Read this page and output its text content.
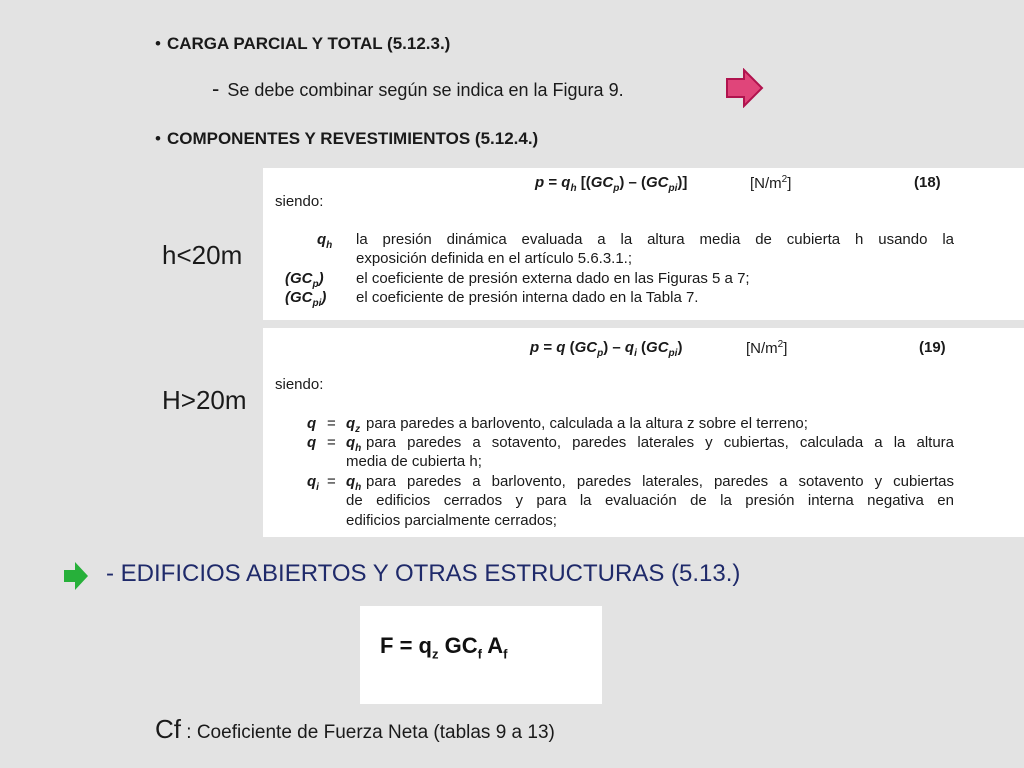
• CARGA PARCIAL Y TOTAL (5.12.3.)
- Se debe combinar según se indica en la Figura 9.
• COMPONENTES Y REVESTIMIENTOS (5.12.4.)
h<20m
$p = q_h$ $[(GC_p) - (GC_{pi})]$	$[N/m^2]$	(18)
siendo:
$q_h$ la presión dinámica evaluada a la altura media de cubierta h usando la
exposición definida en el artículo 5.6.3.1.;
$(GC_p)$ el coeficiente de presión externa dado en las Figuras 5 a 7;
$(GC_{pi})$ el coeficiente de presión interna dado en la Tabla 7.
H>20m
p = q $(GC_p) - q_i$ $(GC_{pi})$	$[N/m^2]$	(19)
siendo:
$q = q_z$ para paredes a barlovento, calculada a la altura z sobre el terreno;
$q = q_h$ para paredes a sotavento, paredes laterales y cubiertas, calculada a la altura
media de cubierta h;
$q_i = q_h$ para paredes a barlovento, paredes laterales, paredes a sotavento y cubiertas
de edificios cerrados y para la evaluación de la presión interna negativa en
edificios parcialmente cerrados;
- EDIFICIOS ABIERTOS Y OTRAS ESTRUCTURAS (5.13.)
$F = q_z$ $GC_f$ $A_f$
Cf : Coeficiente de Fuerza Neta (tablas 9 a 13)
